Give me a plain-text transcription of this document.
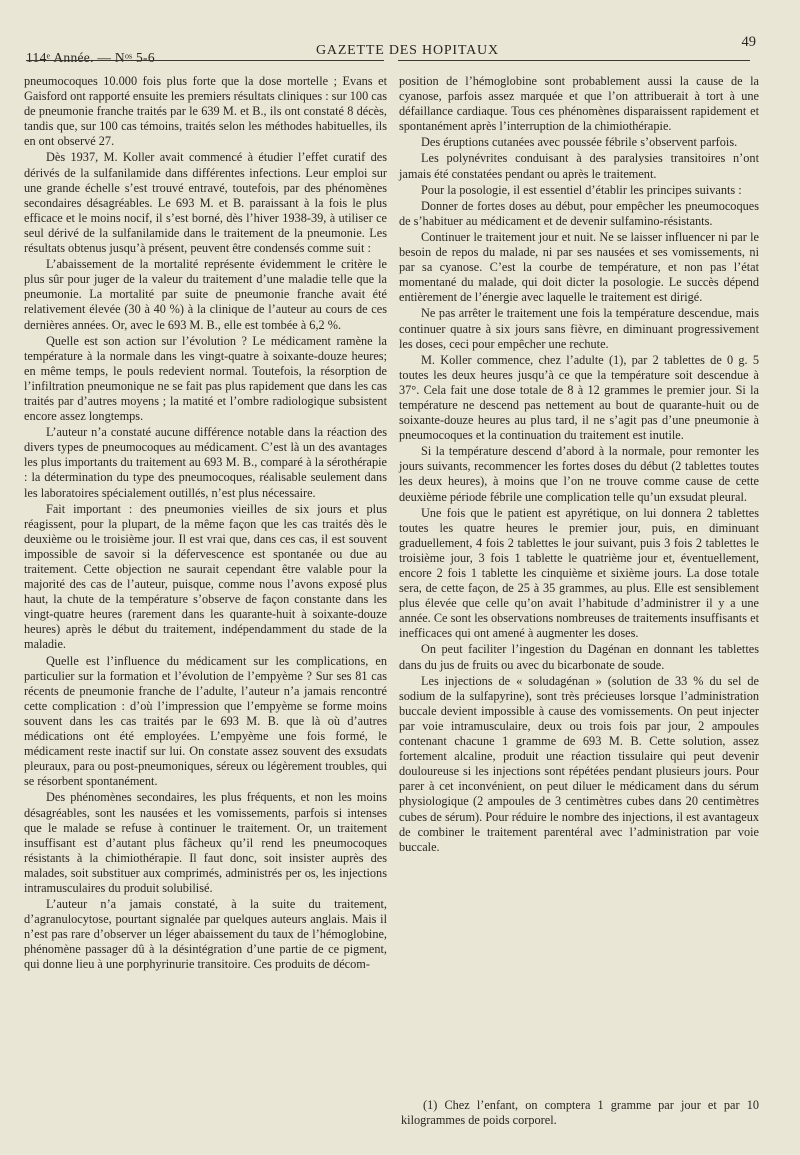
114ᵉ Année. — Nᵒˢ 5-6	GAZETTE DES HOPITAUX
49

pneumocoques 10.000 fois plus forte que la dose mortelle ; Evans et Gaisford ont rapporté ensuite les premiers résultats cliniques : sur 100 cas de pneumonie franche traités par le 639 M. et B., ils ont constaté 8 décès, tandis que, sur 100 cas témoins, traités selon les méthodes habituelles, ils en ont observé 27.

Dès 1937, M. Koller avait commencé à étudier l’effet curatif des dérivés de la sulfanilamide dans différentes infections. Leur emploi sur une grande échelle s’est trouvé entravé, toutefois, par des phénomènes secondaires désagréables. Le 693 M. et B. paraissant à la fois le plus efficace et le moins nocif, il s’est borné, dès l’hiver 1938-39, à utiliser ce seul dérivé de la sulfanilamide dans le traitement de la pneumonie. Les résultats obtenus jusqu’à présent, peuvent être condensés comme suit :

L’abaissement de la mortalité représente évidemment le critère le plus sûr pour juger de la valeur du traitement d’une maladie telle que la pneumonie. La mortalité par suite de pneumonie franche avait été relativement élevée (30 à 40 %) à la clinique de l’auteur au cours de ces dernières années. Or, avec le 693 M. B., elle est tombée à 6,2 %.

Quelle est son action sur l’évolution ? Le médicament ramène la température à la normale dans les vingt-quatre à soixante-douze heures; en même temps, le pouls redevient normal. Toutefois, la résorption de l’infiltration pneumonique ne se fait pas plus rapidement que dans les cas traités par d’autres moyens ; la matité et l’ombre radiologique subsistent encore assez longtemps.

L’auteur n’a constaté aucune différence notable dans la réaction des divers types de pneumocoques au médicament. C’est là un des avantages les plus importants du traitement au 693 M. B., comparé à la sérothérapie : la détermination du type des pneumocoques, réalisable seulement dans les laboratoires spécialement outillés, n’est plus nécessaire.

Fait important : des pneumonies vieilles de six jours et plus réagissent, pour la plupart, de la même façon que les cas traités dès le deuxième ou le troisième jour. Il est vrai que, dans ces cas, il est souvent impossible de savoir si la défervescence est spontanée ou due au traitement. Cette objection ne saurait cependant être valable pour la majorité des cas de l’auteur, puisque, comme nous l’avons exposé plus haut, la chute de la température s’observe de façon constante dans les vingt-quatre heures (rarement dans les quarante-huit à soixante-douze heures) après le début du traitement, indépendamment du stade de la maladie.

Quelle est l’influence du médicament sur les complications, en particulier sur la formation et l’évolution de l’empyème ? Sur ses 81 cas récents de pneumonie franche de l’adulte, l’auteur n’a jamais rencontré cette complication : d’où l’impression que l’empyème se forme moins souvent dans les cas traités par le 693 M. B. que là où d’autres médications ont été employées. L’empyème une fois formé, le médicament reste inactif sur lui. On constate assez souvent des exsudats pleuraux, para ou post-pneumoniques, séreux ou légèrement troubles, qui se résorbent spontanément.

Des phénomènes secondaires, les plus fréquents, et non les moins désagréables, sont les nausées et les vomissements, parfois si intenses que le malade se refuse à continuer le traitement. Or, un traitement insuffisant est d’autant plus fâcheux qu’il rend les pneumocoques résistants à la chimiothérapie. Il faut donc, soit insister auprès des malades, soit substituer aux comprimés, administrés per os, les injections intramusculaires du produit solubilisé.

L’auteur n’a jamais constaté, à la suite du traitement, d’agranulocytose, pourtant signalée par quelques auteurs anglais. Mais il n’est pas rare d’observer un léger abaissement du taux de l’hémoglobine, phénomène passager dû à la désintégration d’une partie de ce pigment, qui donne lieu à une porphyrinurie transitoire. Ces produits de décom-

position de l’hémoglobine sont probablement aussi la cause de la cyanose, parfois assez marquée et que l’on attribuerait à tort à une défaillance cardiaque. Tous ces phénomènes disparaissent rapidement et spontanément après l’interruption de la chimiothérapie.

Des éruptions cutanées avec poussée fébrile s’observent parfois.

Les polynévrites conduisant à des paralysies transitoires n’ont jamais été constatées pendant ou après le traitement.

Pour la posologie, il est essentiel d’établir les principes suivants :

Donner de fortes doses au début, pour empêcher les pneumocoques de s’habituer au médicament et de devenir sulfamino-résistants.

Continuer le traitement jour et nuit. Ne se laisser influencer ni par le besoin de repos du malade, ni par ses nausées et ses vomissements, ni par sa cyanose. C’est la courbe de température, et non pas l’état momentané du malade, qui doit dicter la posologie. Le succès dépend entièrement de l’énergie avec laquelle le traitement est dirigé.

Ne pas arrêter le traitement une fois la température descendue, mais continuer quatre à six jours sans fièvre, en diminuant progressivement les doses, ceci pour empêcher une rechute.

M. Koller commence, chez l’adulte (1), par 2 tablettes de 0 g. 5 toutes les deux heures jusqu’à ce que la température soit descendue à 37°. Cela fait une dose totale de 8 à 12 grammes le premier jour. Si la température ne descend pas nettement au bout de quarante-huit ou de soixante-douze heures au plus tard, il ne s’agit pas d’une pneumonie à pneumocoques et la continuation du traitement est inutile.

Si la température descend d’abord à la normale, pour remonter les jours suivants, recommencer les fortes doses du début (2 tablettes toutes les deux heures), à moins que l’on ne trouve comme cause de cette deuxième période fébrile une complication telle qu’un exsudat pleural.

Une fois que le patient est apyrétique, on lui donnera 2 tablettes toutes les quatre heures le premier jour, puis, en diminuant graduellement, 4 fois 2 tablettes le jour suivant, puis 3 fois 2 tablettes le troisième jour, 3 fois 1 tablette le quatrième jour et, éventuellement, encore 2 fois 1 tablette les cinquième et sixième jours. La dose totale sera, de cette façon, de 25 à 35 grammes, au plus. Elle est sensiblement plus élevée que celle qu’on avait l’habitude d’administrer il y a une année. Ce sont les observations nombreuses de traitements insuffisants et inefficaces qui ont amené à augmenter les doses.

On peut faciliter l’ingestion du Dagénan en donnant les tablettes dans du jus de fruits ou avec du bicarbonate de soude.

Les injections de « soludagénan » (solution de 33 % du sel de sodium de la sulfapyrine), sont très précieuses lorsque l’administration buccale devient impossible à cause des vomissements. On peut injecter par voie intramusculaire, deux ou trois fois par jour, 2 ampoules contenant chacune 1 gramme de 693 M. B. Cette solution, assez fortement alcaline, produit une réaction tissulaire qui peut devenir douloureuse si les injections sont répétées pendant plusieurs jours. Pour parer à cet inconvénient, on peut diluer le médicament dans du sérum physiologique (2 ampoules de 3 centimètres cubes dans 20 centimètres cubes de sérum). Pour réduire le nombre des injections, il est avantageux de combiner le traitement parentéral avec l’administration par voie buccale.

(1) Chez l’enfant, on comptera 1 gramme par jour et par 10 kilogrammes de poids corporel.
